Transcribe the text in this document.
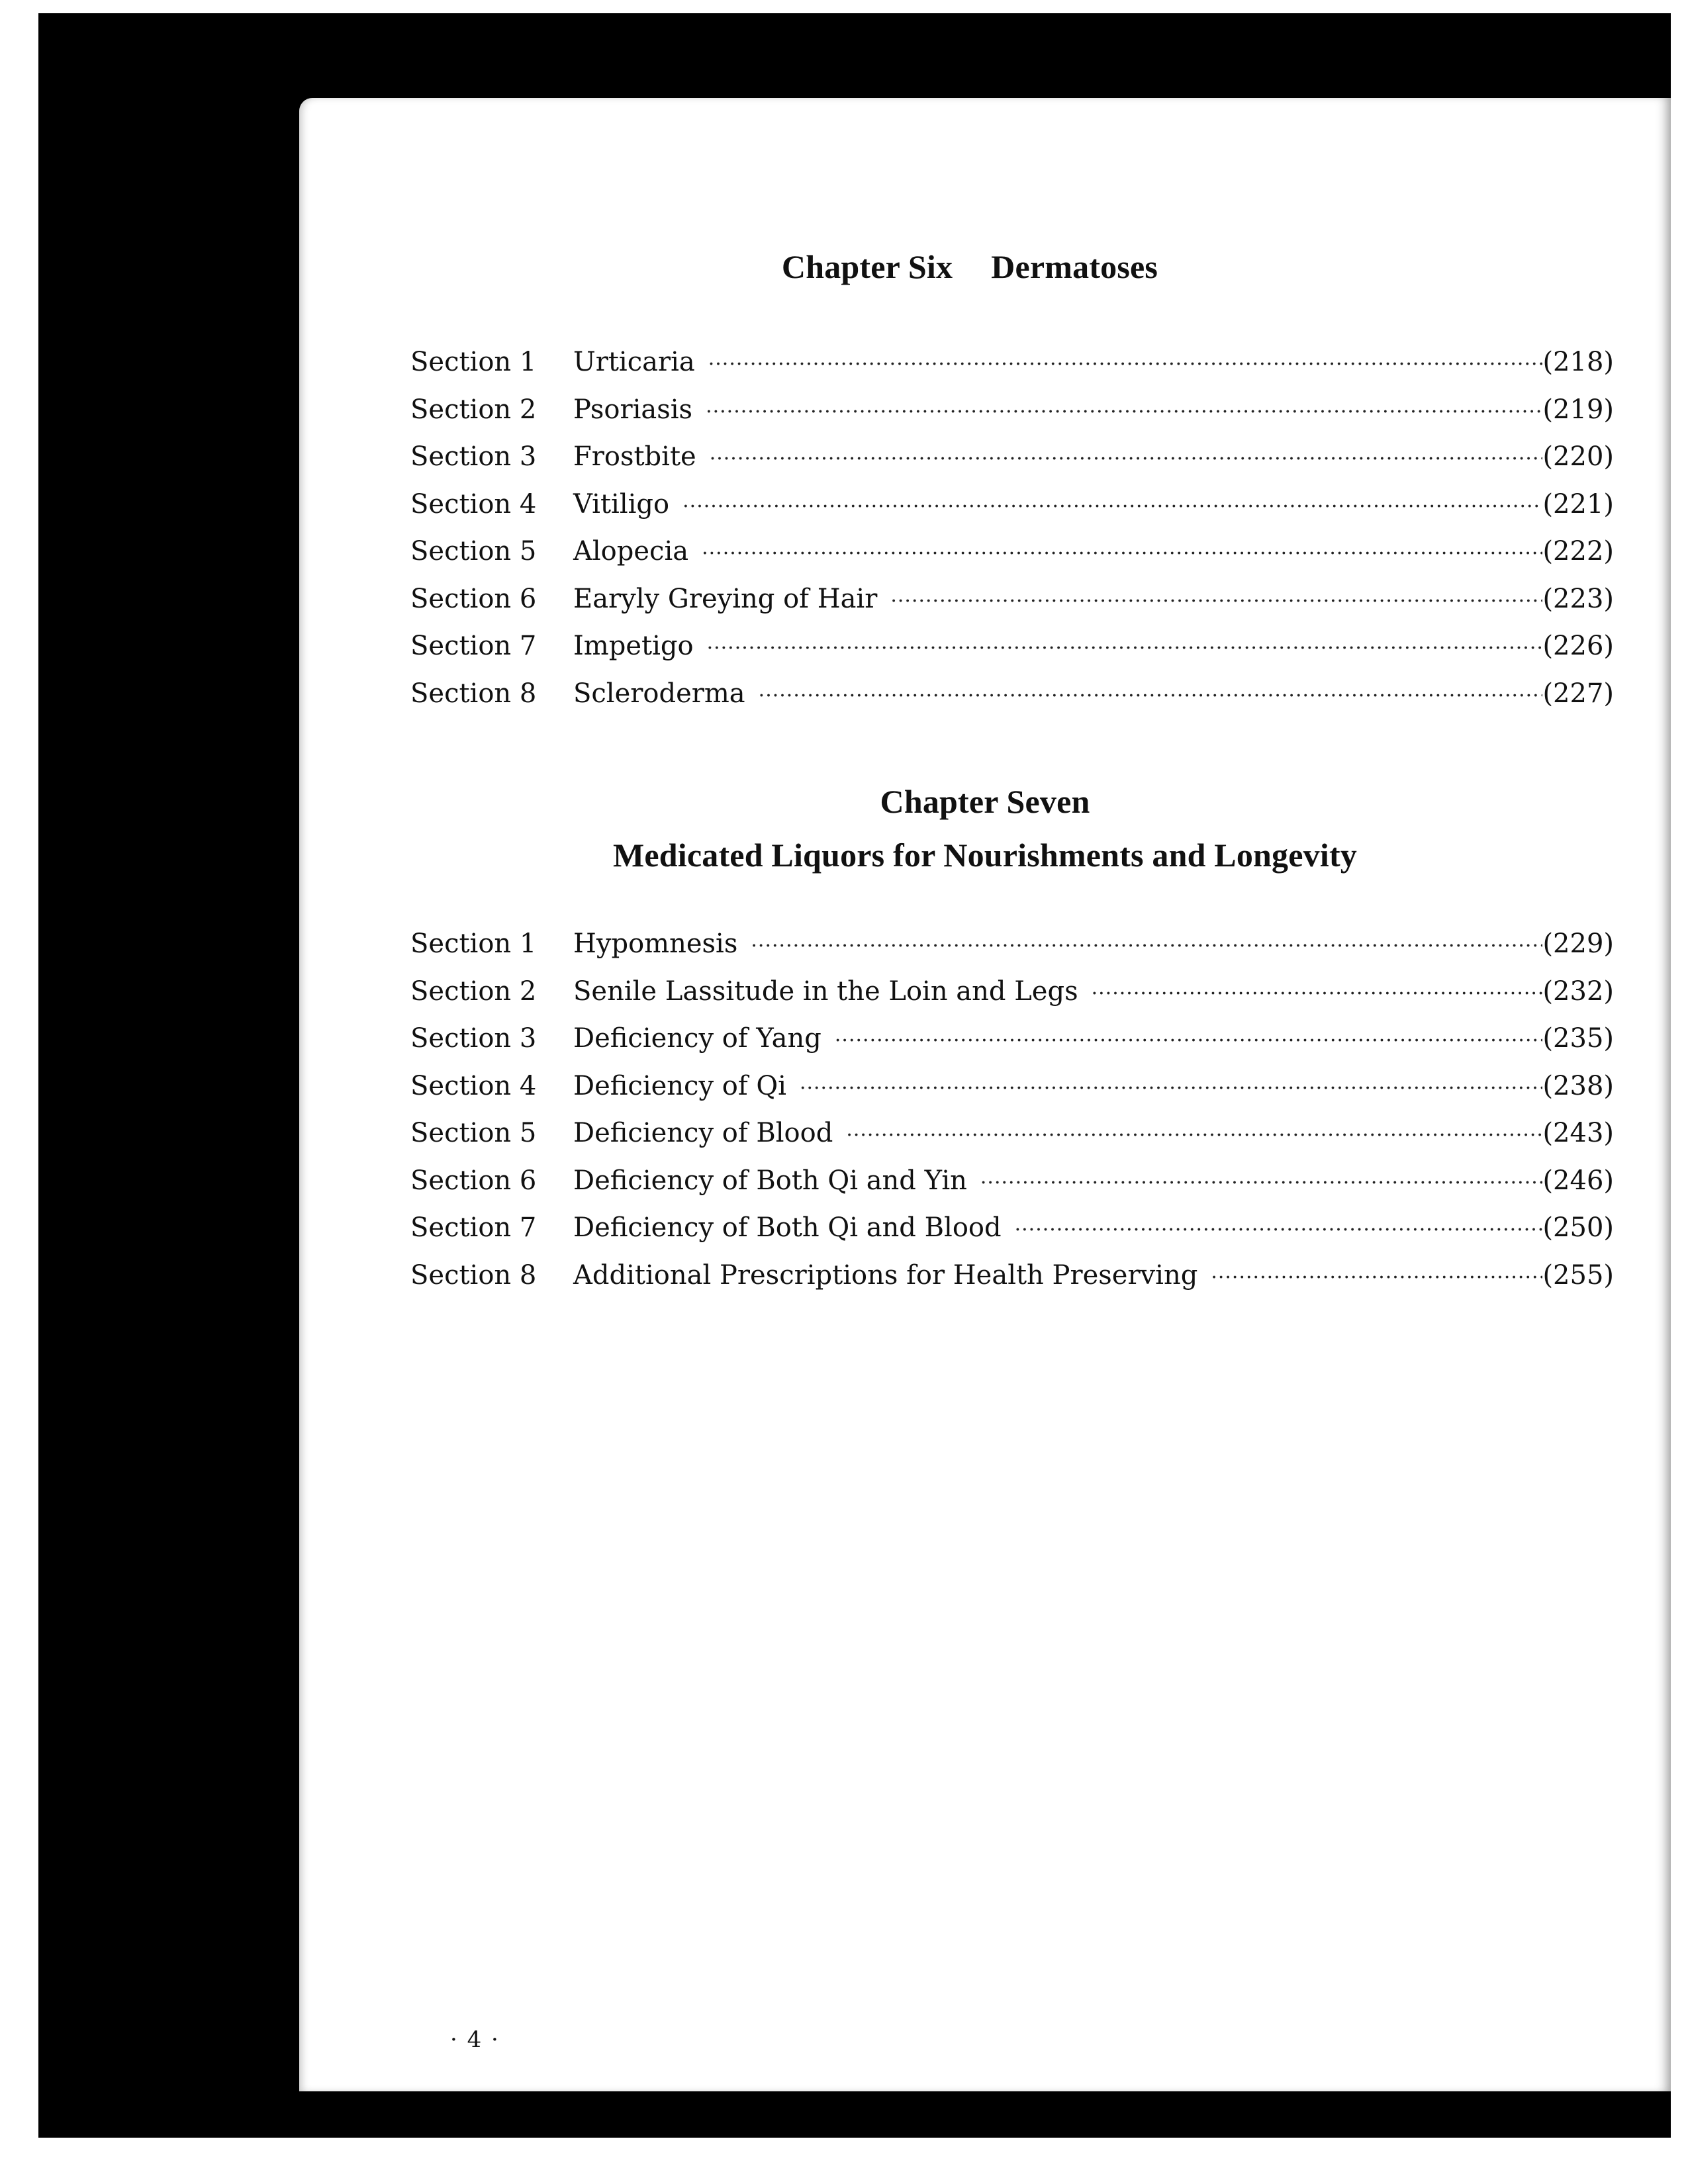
Chapter Six Dermatoses
Section 1	Urticaria ·····	(218)
Section 2	Psoriasis ·····	(219)
Section 3	Frostbite ·····	(220)
Section 4	Vitiligo ·····	(221)
Section 5	Alopecia ·····	(222)
Section 6	Earyly Greying of Hair ·····	(223)
Section 7	Impetigo ·····	(226)
Section 8	Scleroderma ·····	(227)
Chapter Seven
Medicated Liquors for Nourishments and Longevity
Section 1	Hypomnesis ·····	(229)
Section 2	Senile Lassitude in the Loin and Legs ·····	(232)
Section 3	Deficiency of Yang ·····	(235)
Section 4	Deficiency of Qi ·····	(238)
Section 5	Deficiency of Blood ·····	(243)
Section 6	Deficiency of Both Qi and Yin ·····	(246)
Section 7	Deficiency of Both Qi and Blood ·····	(250)
Section 8	Additional Prescriptions for Health Preserving ·····	(255)
· 4 ·
